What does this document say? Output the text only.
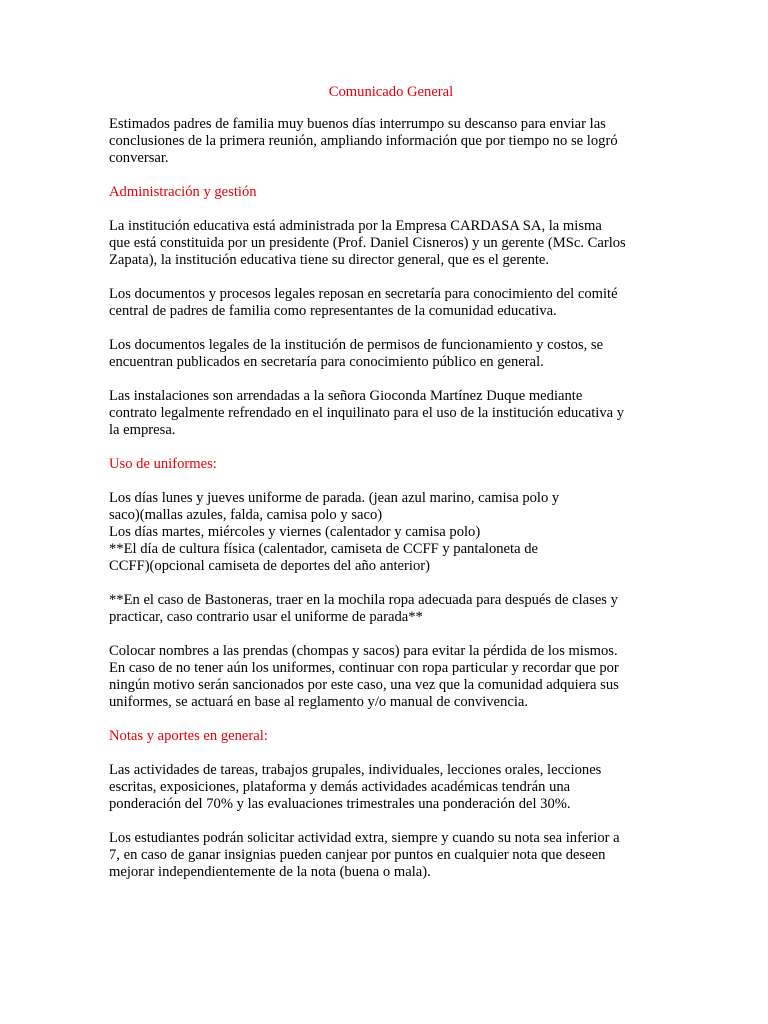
Comunicado General

Estimados padres de familia muy buenos días interrumpo su descanso para enviar las
conclusiones de la primera reunión, ampliando información que por tiempo no se logró
conversar.

Administración y gestión

La institución educativa está administrada por la Empresa CARDASA SA, la misma
que está constituida por un presidente (Prof. Daniel Cisneros) y un gerente (MSc. Carlos
Zapata), la institución educativa tiene su director general, que es el gerente.

Los documentos y procesos legales reposan en secretaría para conocimiento del comité
central de padres de familia como representantes de la comunidad educativa.

Los documentos legales de la institución de permisos de funcionamiento y costos, se
encuentran publicados en secretaría para conocimiento público en general.

Las instalaciones son arrendadas a la señora Gioconda Martínez Duque mediante
contrato legalmente refrendado en el inquilinato para el uso de la institución educativa y
la empresa.

Uso de uniformes:

Los días lunes y jueves uniforme de parada. (jean azul marino, camisa polo y
saco)(mallas azules, falda, camisa polo y saco)
Los días martes, miércoles y viernes (calentador y camisa polo)
**El día de cultura física (calentador, camiseta de CCFF y pantaloneta de
CCFF)(opcional camiseta de deportes del año anterior)

**En el caso de Bastoneras, traer en la mochila ropa adecuada para después de clases y
practicar, caso contrario usar el uniforme de parada**

Colocar nombres a las prendas (chompas y sacos) para evitar la pérdida de los mismos.
En caso de no tener aún los uniformes, continuar con ropa particular y recordar que por
ningún motivo serán sancionados por este caso, una vez que la comunidad adquiera sus
uniformes, se actuará en base al reglamento y/o manual de convivencia.

Notas y aportes en general:

Las actividades de tareas, trabajos grupales, individuales, lecciones orales, lecciones
escritas, exposiciones, plataforma y demás actividades académicas tendrán una
ponderación del 70% y las evaluaciones trimestrales una ponderación del 30%.

Los estudiantes podrán solicitar actividad extra, siempre y cuando su nota sea inferior a
7, en caso de ganar insignias pueden canjear por puntos en cualquier nota que deseen
mejorar independientemente de la nota (buena o mala).
